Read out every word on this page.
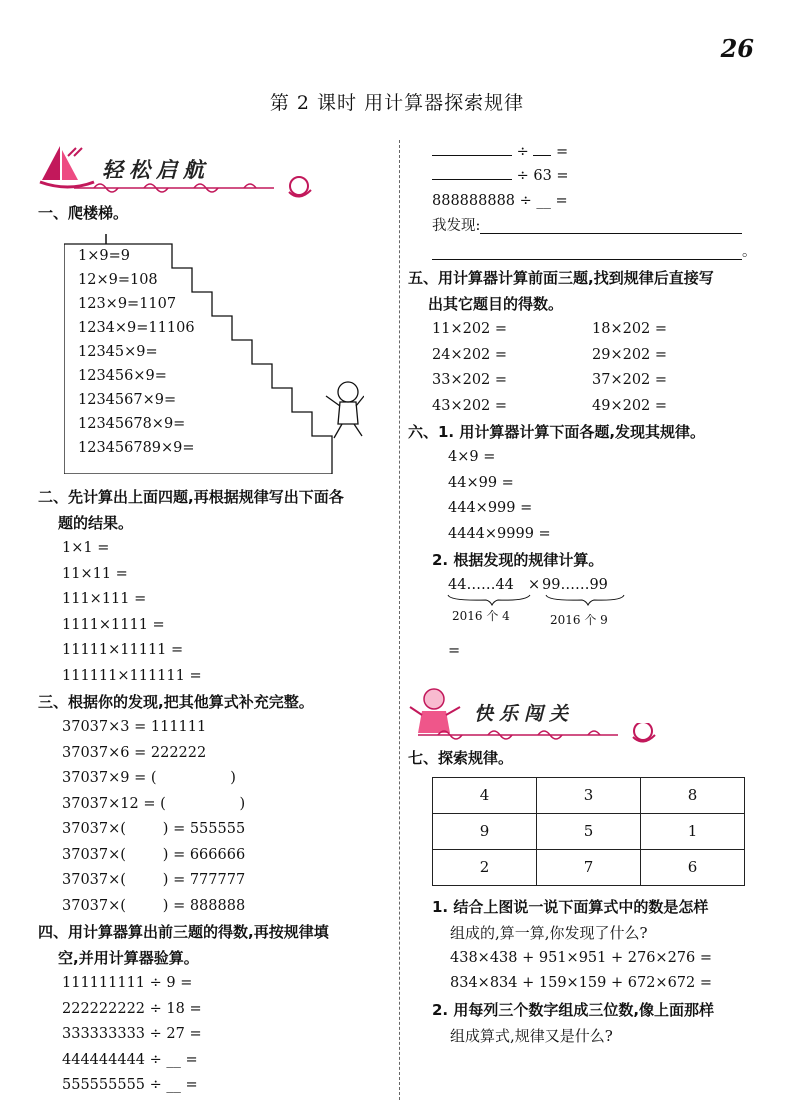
26
第 2 课时 用计算器探索规律
轻松启航
一、爬楼梯。
1×9=9
12×9=108
123×9=1107
1234×9=11106
12345×9=
123456×9=
1234567×9=
12345678×9=
123456789×9=
二、先计算出上面四题,再根据规律写出下面各
题的结果。
1×1 =
11×11 =
111×111 =
1111×1111 =
11111×11111 =
111111×111111 =
三、根据你的发现,把其他算式补充完整。
37037×3 = 111111
37037×6 = 222222
37037×9 = (                )
37037×12 = (                )
37037×(        ) = 555555
37037×(        ) = 666666
37037×(        ) = 777777
37037×(        ) = 888888
四、用计算器算出前三题的得数,再按规律填
空,并用计算器验算。
111111111 ÷ 9 =
222222222 ÷ 18 =
333333333 ÷ 27 =
444444444 ÷ __ =
555555555 ÷ __ =
÷ =
÷ 63 =
888888888 ÷ __ =
我发现:
。
五、用计算器计算前面三题,找到规律后直接写
出其它题目的得数。
11×202 =	18×202 =
24×202 =	29×202 =
33×202 =	37×202 =
43×202 =	49×202 =
六、1. 用计算器计算下面各题,发现其规律。
4×9 =
44×99 =
444×999 =
4444×9999 =
2. 根据发现的规律计算。
44……44 × 99……99
2016 个 4	2016 个 9
=
快乐闯关
七、探索规律。
4	3	8
9	5	1
2	7	6
1. 结合上图说一说下面算式中的数是怎样
组成的,算一算,你发现了什么?
438×438 + 951×951 + 276×276 =
834×834 + 159×159 + 672×672 =
2. 用每列三个数字组成三位数,像上面那样
组成算式,规律又是什么?
